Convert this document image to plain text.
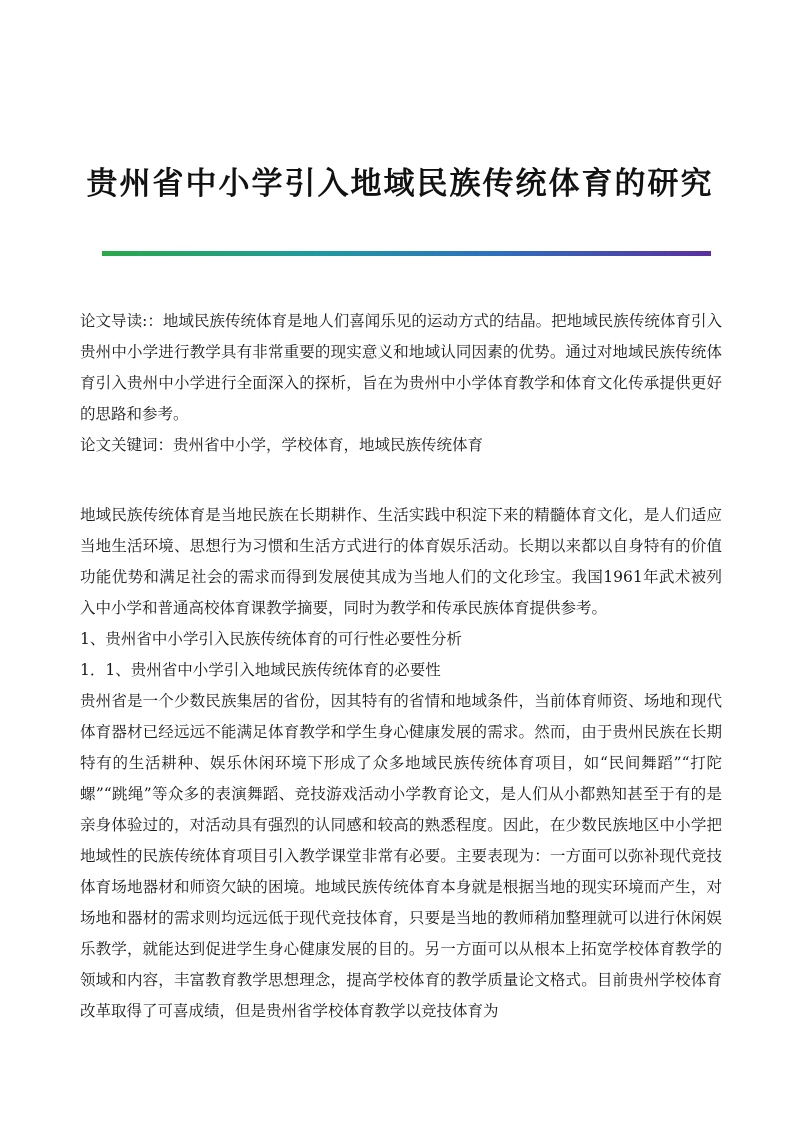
贵州省中小学引入地域民族传统体育的研究

论文导读:：地域民族传统体育是地人们喜闻乐见的运动方式的结晶。把地域民族传统体育引入贵州中小学进行教学具有非常重要的现实意义和地域认同因素的优势。通过对地域民族传统体育引入贵州中小学进行全面深入的探析，旨在为贵州中小学体育教学和体育文化传承提供更好的思路和参考。

论文关键词：贵州省中小学，学校体育，地域民族传统体育

地域民族传统体育是当地民族在长期耕作、生活实践中积淀下来的精髓体育文化，是人们适应当地生活环境、思想行为习惯和生活方式进行的体育娱乐活动。长期以来都以自身特有的价值功能优势和满足社会的需求而得到发展使其成为当地人们的文化珍宝。我国1961年武术被列入中小学和普通高校体育课教学摘要，同时为教学和传承民族体育提供参考。

1、贵州省中小学引入民族传统体育的可行性必要性分析

1．1、贵州省中小学引入地域民族传统体育的必要性

贵州省是一个少数民族集居的省份，因其特有的省情和地域条件，当前体育师资、场地和现代体育器材已经远远不能满足体育教学和学生身心健康发展的需求。然而，由于贵州民族在长期特有的生活耕种、娱乐休闲环境下形成了众多地域民族传统体育项目，如“民间舞蹈”“打陀螺”“跳绳”等众多的表演舞蹈、竞技游戏活动小学教育论文，是人们从小都熟知甚至于有的是亲身体验过的，对活动具有强烈的认同感和较高的熟悉程度。因此，在少数民族地区中小学把地域性的民族传统体育项目引入教学课堂非常有必要。主要表现为：一方面可以弥补现代竞技体育场地器材和师资欠缺的困境。地域民族传统体育本身就是根据当地的现实环境而产生，对场地和器材的需求则均远远低于现代竞技体育，只要是当地的教师稍加整理就可以进行休闲娱乐教学，就能达到促进学生身心健康发展的目的。另一方面可以从根本上拓宽学校体育教学的领域和内容，丰富教育教学思想理念，提高学校体育的教学质量论文格式。目前贵州学校体育改革取得了可喜成绩，但是贵州省学校体育教学以竞技体育为
